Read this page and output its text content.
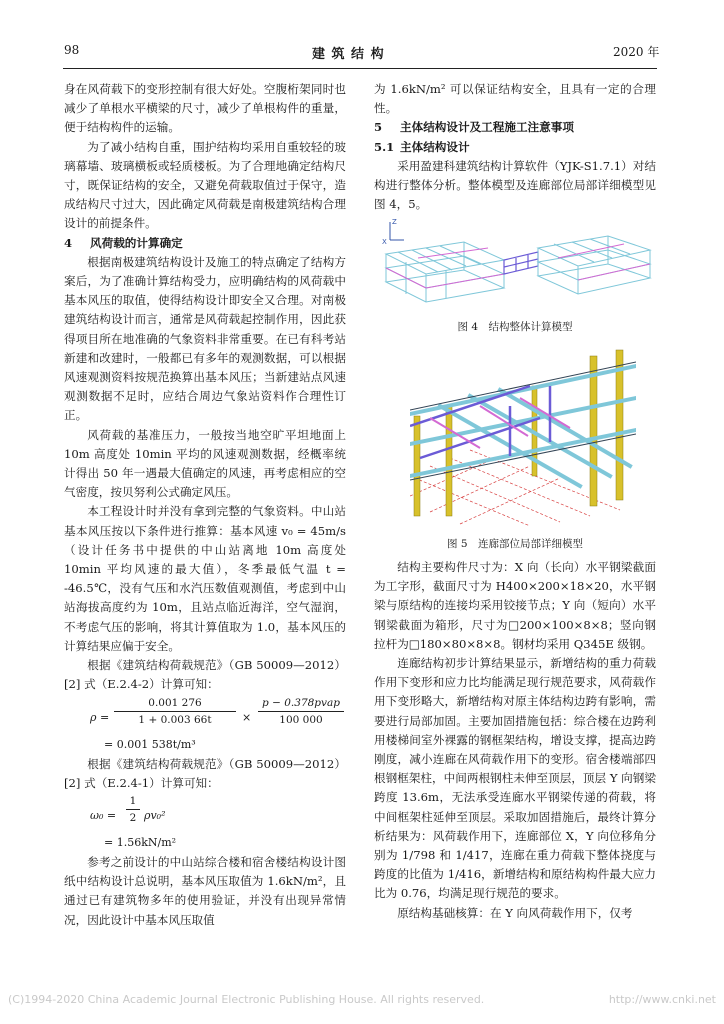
98	建 筑 结 构	2020 年

身在风荷载下的变形控制有很大好处。空腹桁架同时也减少了单根水平横梁的尺寸，减少了单根构件的重量，便于结构构件的运输。

为了减小结构自重，围护结构均采用自重较轻的玻璃幕墙、玻璃横板或轻质楼板。为了合理地确定结构尺寸，既保证结构的安全，又避免荷载取值过于保守，造成结构尺寸过大，因此确定风荷载是南极建筑结构合理设计的前提条件。

4 风荷载的计算确定

根据南极建筑结构设计及施工的特点确定了结构方案后，为了准确计算结构受力，应明确结构的风荷载中基本风压的取值，使得结构设计即安全又合理。对南极建筑结构设计而言，通常是风荷载起控制作用，因此获得项目所在地准确的气象资料非常重要。在已有科考站新建和改建时，一般都已有多年的观测数据，可以根据风速观测资料按规范换算出基本风压；当新建站点风速观测数据不足时，应结合周边气象站资料作合理性订正。

风荷载的基准压力，一般按当地空旷平坦地面上 10m 高度处 10min 平均的风速观测数据，经概率统计得出 50 年一遇最大值确定的风速，再考虑相应的空气密度，按贝努利公式确定风压。

本工程设计时并没有拿到完整的气象资料。中山站基本风压按以下条件进行推算：基本风速 v₀ = 45m/s（设计任务书中提供的中山站离地 10m 高度处 10min 平均风速的最大值），冬季最低气温 t = -46.5℃，没有气压和水汽压数值观测值，考虑到中山站海拔高度约为 10m，且站点临近海洋，空气湿润，不考虑气压的影响，将其计算值取为 1.0，基本风压的计算结果应偏于安全。

根据《建筑结构荷载规范》（GB 50009—2012）[2] 式（E.2.4-2）计算可知：

ρ =
0.001 276
1 + 0.003 66t	×
p − 0.378pvap
100 000
= 0.001 538t/m³

根据《建筑结构荷载规范》（GB 50009—2012）[2] 式（E.2.4-1）计算可知：

ω₀ =
1
2 ρv₀²
= 1.56kN/m²

参考之前设计的中山站综合楼和宿舍楼结构设计图纸中结构设计总说明，基本风压取值为 1.6kN/m²，且通过已有建筑物多年的使用验证，并没有出现异常情况，因此设计中基本风压取值

为 1.6kN/m² 可以保证结构安全，且具有一定的合理性。

5 主体结构设计及工程施工注意事项

5.1 主体结构设计

采用盈建科建筑结构计算软件（YJK-S1.7.1）对结构进行整体分析。整体模型及连廊部位局部详细模型见图 4，5。

Z
X
图 4　结构整体计算模型
图 5　连廊部位局部详细模型

结构主要构件尺寸为：X 向（长向）水平钢梁截面为工字形，截面尺寸为 H400×200×18×20，水平钢梁与原结构的连接均采用铰接节点；Y 向（短向）水平钢梁截面为箱形，尺寸为□200×100×8×8；竖向钢拉杆为□180×80×8×8。钢材均采用 Q345E 级钢。

连廊结构初步计算结果显示，新增结构的重力荷载作用下变形和应力比均能满足现行规范要求，风荷载作用下变形略大，新增结构对原主体结构边跨有影响，需要进行局部加固。主要加固措施包括：综合楼在边跨利用楼梯间室外裸露的钢框架结构，增设支撑，提高边跨刚度，减小连廊在风荷载作用下的变形。宿舍楼端部四根钢框架柱，中间两根钢柱未伸至顶层，顶层 Y 向钢梁跨度 13.6m，无法承受连廊水平钢梁传递的荷载，将中间框架柱延伸至顶层。采取加固措施后，最终计算分析结果为：风荷载作用下，连廊部位 X，Y 向位移角分别为 1/798 和 1/417，连廊在重力荷载下整体挠度与跨度的比值为 1/416，新增结构和原结构构件最大应力比为 0.76，均满足现行规范的要求。

原结构基础核算：在 Y 向风荷载作用下，仅考

(C)1994-2020 China Academic Journal Electronic Publishing House. All rights reserved.	http://www.cnki.net
